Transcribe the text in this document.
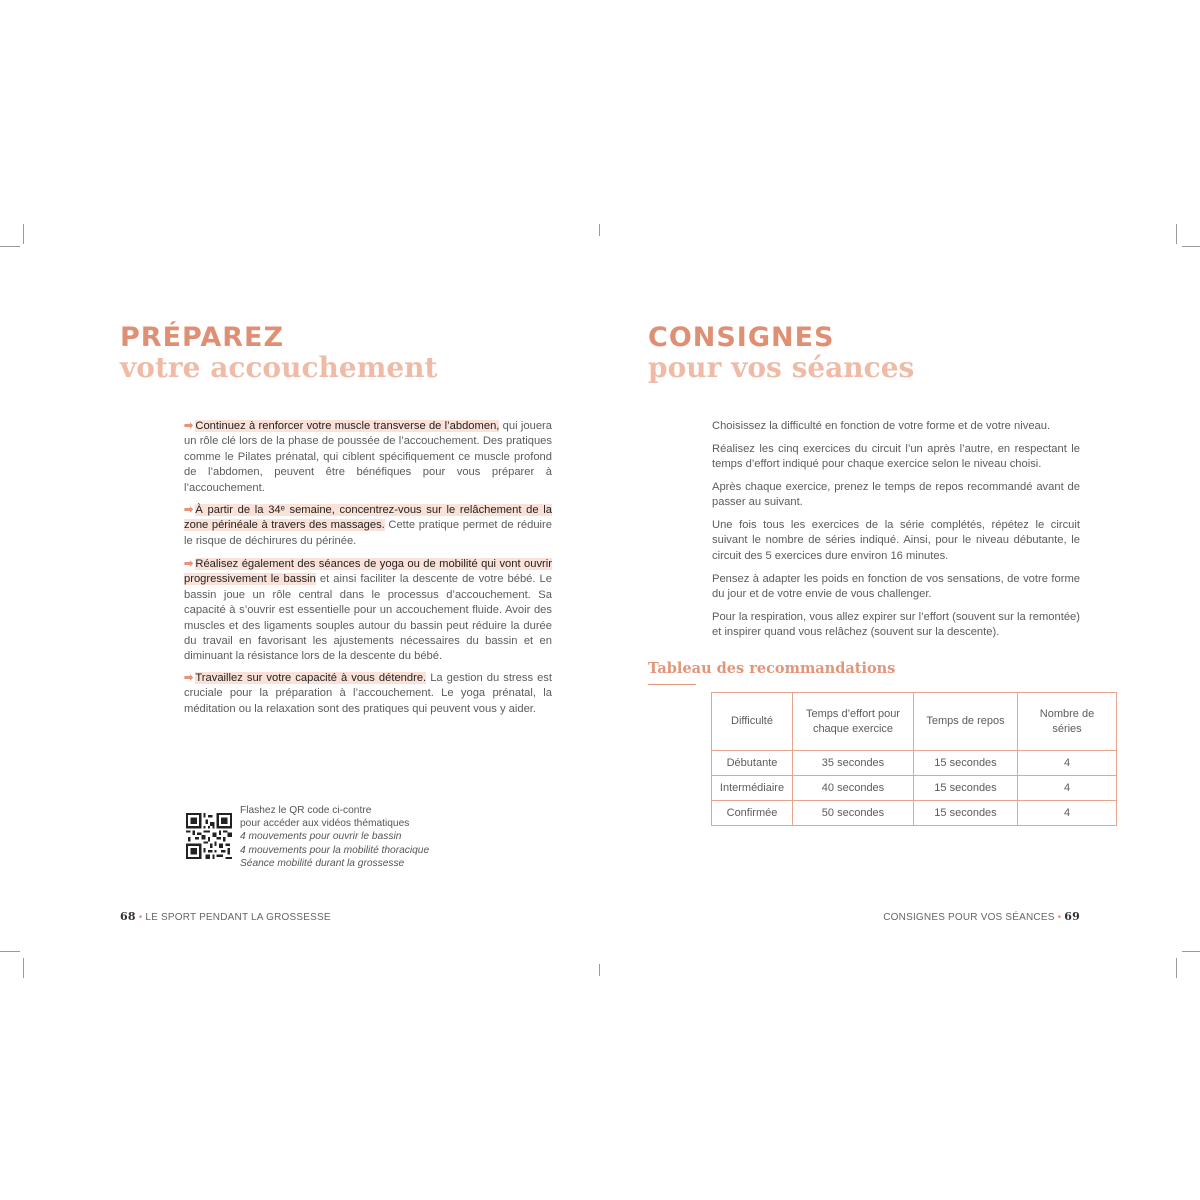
PRÉPAREZ
votre accouchement
➡ Continuez à renforcer votre muscle transverse de l’abdomen, qui jouera un rôle clé lors de la phase de poussée de l’accouchement. Des pratiques comme le Pilates prénatal, qui ciblent spécifiquement ce muscle profond de l’abdomen, peuvent être bénéfiques pour vous préparer à l’accouchement.
➡ À partir de la 34ᵉ semaine, concentrez-vous sur le relâchement de la zone périnéale à travers des massages. Cette pratique permet de réduire le risque de déchirures du périnée.
➡ Réalisez également des séances de yoga ou de mobilité qui vont ouvrir progressivement le bassin et ainsi faciliter la descente de votre bébé. Le bassin joue un rôle central dans le processus d’accouchement. Sa capacité à s’ouvrir est essentielle pour un accouchement fluide. Avoir des muscles et des ligaments souples autour du bassin peut réduire la durée du travail en favorisant les ajustements nécessaires du bassin et en diminuant la résistance lors de la descente du bébé.
➡ Travaillez sur votre capacité à vous détendre. La gestion du stress est cruciale pour la préparation à l’accouchement. Le yoga prénatal, la méditation ou la relaxation sont des pratiques qui peuvent vous y aider.
Flashez le QR code ci-contre
pour accéder aux vidéos thématiques
4 mouvements pour ouvrir le bassin
4 mouvements pour la mobilité thoracique
Séance mobilité durant la grossesse
68 • LE SPORT PENDANT LA GROSSESSE
CONSIGNES
pour vos séances
Choisissez la difficulté en fonction de votre forme et de votre niveau.
Réalisez les cinq exercices du circuit l’un après l’autre, en respectant le temps d’effort indiqué pour chaque exercice selon le niveau choisi.
Après chaque exercice, prenez le temps de repos recommandé avant de passer au suivant.
Une fois tous les exercices de la série complétés, répétez le circuit suivant le nombre de séries indiqué. Ainsi, pour le niveau débutante, le circuit des 5 exercices dure environ 16 minutes.
Pensez à adapter les poids en fonction de vos sensations, de votre forme du jour et de votre envie de vous challenger.
Pour la respiration, vous allez expirer sur l’effort (souvent sur la remontée) et inspirer quand vous relâchez (souvent sur la descente).
Tableau des recommandations
Difficulté	Temps d’effort pour chaque exercice	Temps de repos	Nombre de séries
Débutante	35 secondes	15 secondes	4
Intermédiaire	40 secondes	15 secondes	4
Confirmée	50 secondes	15 secondes	4
CONSIGNES POUR VOS SÉANCES • 69
